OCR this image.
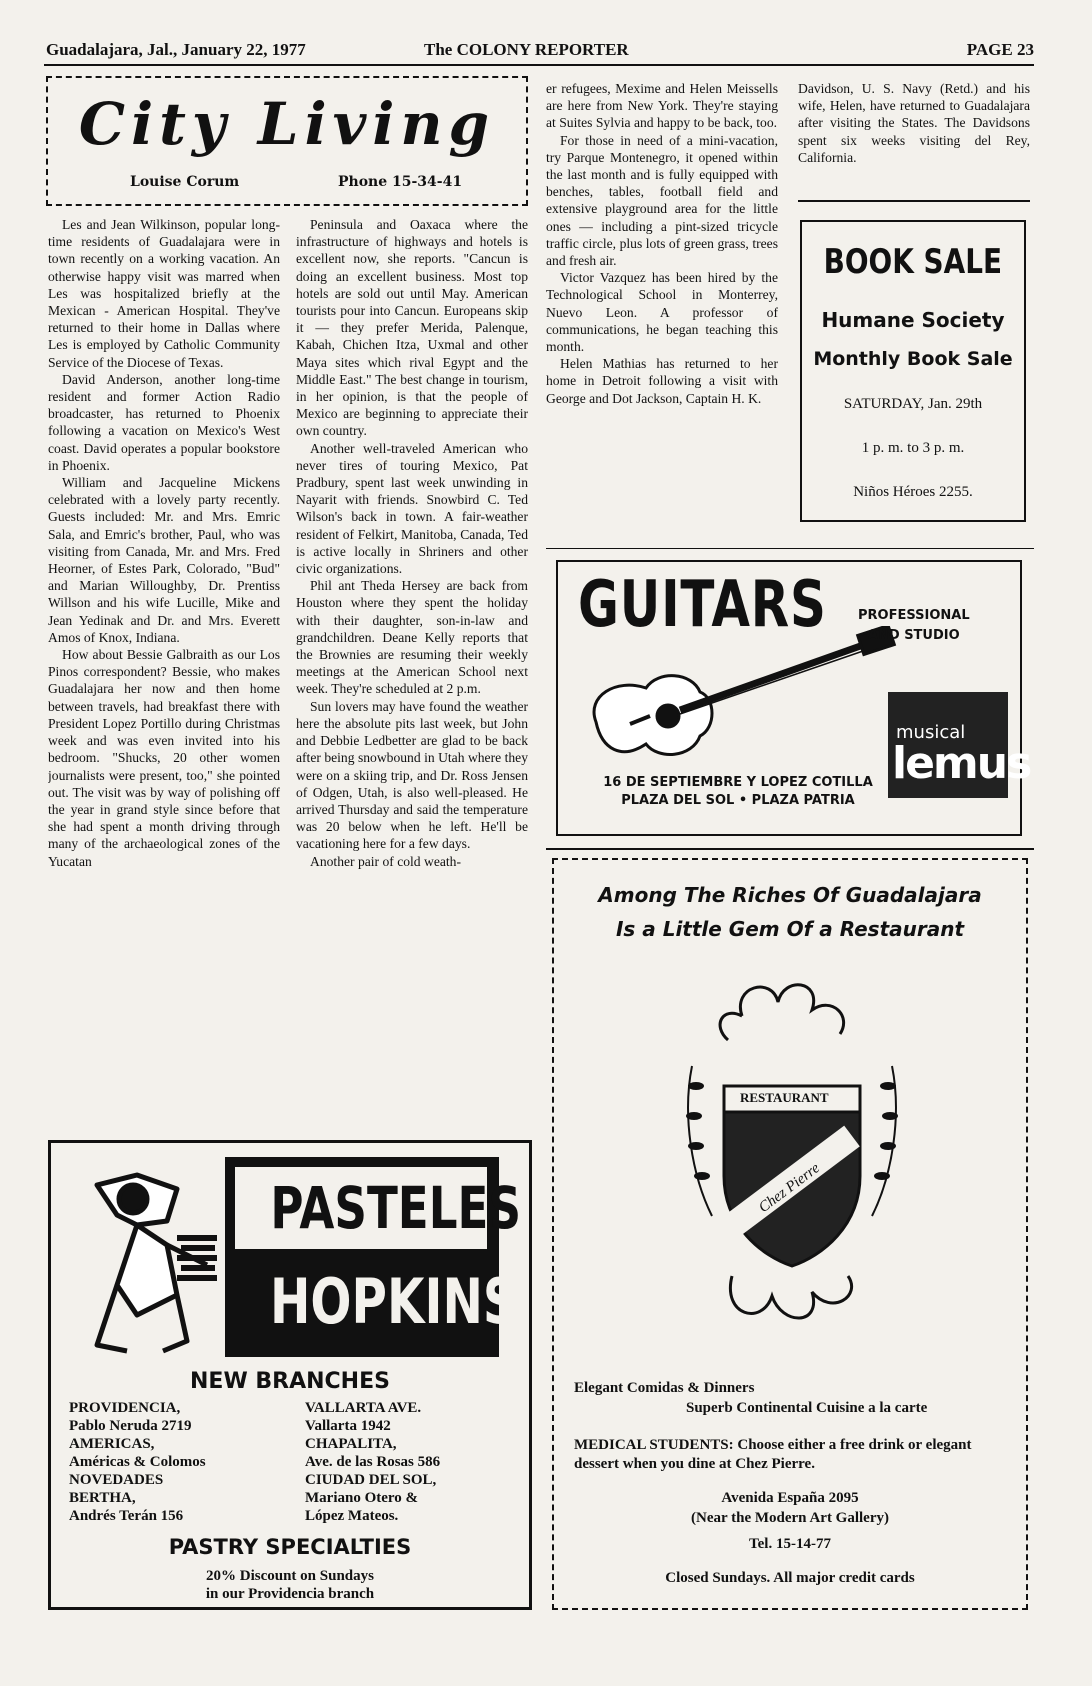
Guadalajara, Jal., January 22, 1977	The COLONY REPORTER	PAGE 23
City Living
Louise Corum	Phone 15-34-41

Les and Jean Wilkinson, popular long-time residents of Guadalajara were in town recently on a working vacation. An otherwise happy visit was marred when Les was hospitalized briefly at the Mexican - American Hospital. They've returned to their home in Dallas where Les is employed by Catholic Community Service of the Diocese of Texas.

David Anderson, another long-time resident and former Action Radio broadcaster, has returned to Phoenix following a vacation on Mexico's West coast. David operates a popular bookstore in Phoenix.

William and Jacqueline Mickens celebrated with a lovely party recently. Guests included: Mr. and Mrs. Emric Sala, and Emric's brother, Paul, who was visiting from Canada, Mr. and Mrs. Fred Heorner, of Estes Park, Colorado, "Bud" and Marian Willoughby, Dr. Prentiss Willson and his wife Lucille, Mike and Jean Yedinak and Dr. and Mrs. Everett Amos of Knox, Indiana.

How about Bessie Galbraith as our Los Pinos correspondent? Bessie, who makes Guadalajara her now and then home between travels, had breakfast there with President Lopez Portillo during Christmas week and was even invited into his bedroom. "Shucks, 20 other women journalists were present, too," she pointed out. The visit was by way of polishing off the year in grand style since before that she had spent a month driving through many of the archaeological zones of the Yucatan

Peninsula and Oaxaca where the infrastructure of highways and hotels is excellent now, she reports. "Cancun is doing an excellent business. Most top hotels are sold out until May. American tourists pour into Cancun. Europeans skip it — they prefer Merida, Palenque, Kabah, Chichen Itza, Uxmal and other Maya sites which rival Egypt and the Middle East." The best change in tourism, in her opinion, is that the people of Mexico are beginning to appreciate their own country.

Another well-traveled American who never tires of touring Mexico, Pat Pradbury, spent last week unwinding in Nayarit with friends. Snowbird C. Ted Wilson's back in town. A fair-weather resident of Felkirt, Manitoba, Canada, Ted is active locally in Shriners and other civic organizations.

Phil ant Theda Hersey are back from Houston where they spent the holiday with their daughter, son-in-law and grandchildren. Deane Kelly reports that the Brownies are resuming their weekly meetings at the American School next week. They're scheduled at 2 p.m.

Sun lovers may have found the weather here the absolute pits last week, but John and Debbie Ledbetter are glad to be back after being snowbound in Utah where they were on a skiing trip, and Dr. Ross Jensen of Odgen, Utah, is also well-pleased. He arrived Thursday and said the temperature was 20 below when he left. He'll be vacationing here for a few days.

Another pair of cold weath-

er refugees, Mexime and Helen Meissells are here from New York. They're staying at Suites Sylvia and happy to be back, too.

For those in need of a mini-vacation, try Parque Montenegro, it opened within the last month and is fully equipped with benches, tables, football field and extensive playground area for the little ones — including a pint-sized tricycle traffic circle, plus lots of green grass, trees and fresh air.

Victor Vazquez has been hired by the Technological School in Monterrey, Nuevo Leon. A professor of communications, he began teaching this month.

Helen Mathias has returned to her home in Detroit following a visit with George and Dot Jackson, Captain H. K.

Davidson, U. S. Navy (Retd.) and his wife, Helen, have returned to Guadalajara after visiting the States. The Davidsons spent six weeks visiting del Rey, California.

BOOK SALE
Humane Society
Monthly Book Sale
SATURDAY, Jan. 29th
1 p. m. to 3 p. m.
Niños Héroes 2255.
GUITARS	PROFESSIONAL
AND STUDIO
16 DE SEPTIEMBRE Y LOPEZ COTILLA
PLAZA DEL SOL • PLAZA PATRIA
musical
lemus
Among The Riches Of Guadalajara
Is a Little Gem Of a Restaurant
RESTAURANT
Chez Pierre
Elegant Comidas & Dinners
Superb Continental Cuisine a la carte
MEDICAL STUDENTS: Choose either a free drink or elegant dessert when you dine at Chez Pierre.
Avenida España 2095
(Near the Modern Art Gallery)
Tel. 15-14-77
Closed Sundays. All major credit cards
PASTELES
HOPKINS
NEW BRANCHES
PROVIDENCIA,
Pablo Neruda 2719
AMERICAS,
Américas & Colomos
NOVEDADES
BERTHA,
Andrés Terán 156
VALLARTA AVE.
Vallarta 1942
CHAPALITA,
Ave. de las Rosas 586
CIUDAD DEL SOL,
Mariano Otero &
López Mateos.
PASTRY SPECIALTIES
20% Discount on Sundays
in our Providencia branch
